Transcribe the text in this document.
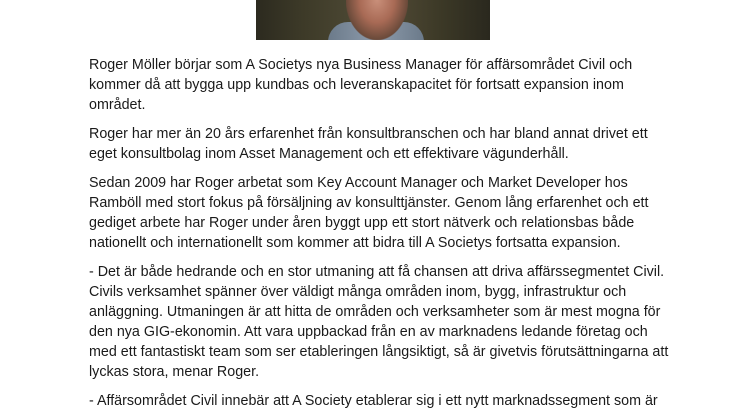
Roger Möller börjar som A Societys nya Business Manager för affärsområdet Civil och kommer då att bygga upp kundbas och leveranskapacitet för fortsatt expansion inom området.

Roger har mer än 20 års erfarenhet från konsultbranschen och har bland annat drivet ett eget konsultbolag inom Asset Management och ett effektivare vägunderhåll.

Sedan 2009 har Roger arbetat som Key Account Manager och Market Developer hos Ramböll med stort fokus på försäljning av konsulttjänster. Genom lång erfarenhet och ett gediget arbete har Roger under åren byggt upp ett stort nätverk och relationsbas både nationellt och internationellt som kommer att bidra till A Societys fortsatta expansion.

- Det är både hedrande och en stor utmaning att få chansen att driva affärssegmentet Civil. Civils verksamhet spänner över väldigt många områden inom, bygg, infrastruktur och anläggning. Utmaningen är att hitta de områden och verksamheter som är mest mogna för den nya GIG-ekonomin. Att vara uppbackad från en av marknadens ledande företag och med ett fantastiskt team som ser etableringen långsiktigt, så är givetvis förutsättningarna att lyckas stora, menar Roger.

- Affärsområdet Civil innebär att A Society etablerar sig i ett nytt marknadssegment som är
